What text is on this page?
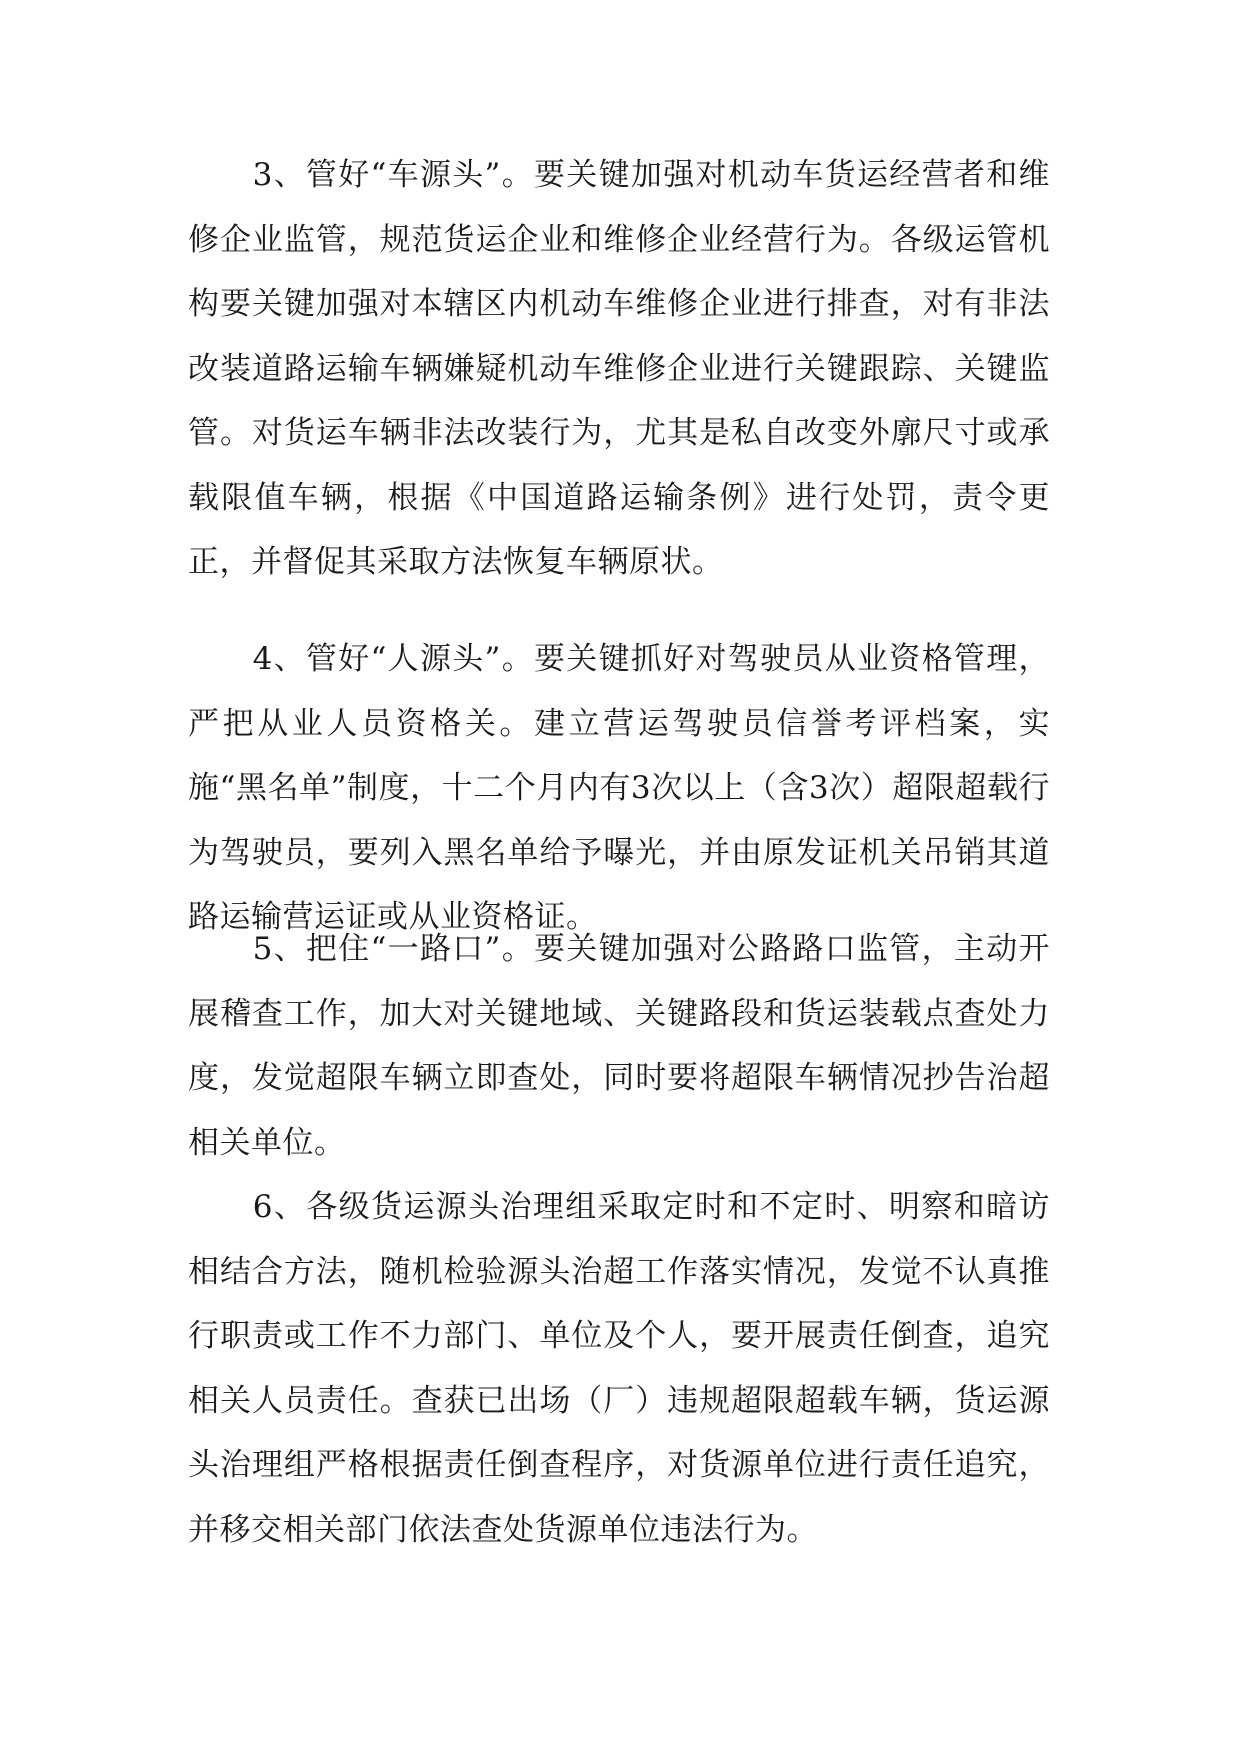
　　3、管好“车源头”。要关键加强对机动车货运经营者和维修企业监管，规范货运企业和维修企业经营行为。各级运管机构要关键加强对本辖区内机动车维修企业进行排查，对有非法改装道路运输车辆嫌疑机动车维修企业进行关键跟踪、关键监管。对货运车辆非法改装行为，尤其是私自改变外廓尺寸或承载限值车辆，根据《中国道路运输条例》进行处罚，责令更正，并督促其采取方法恢复车辆原状。

　　4、管好“人源头”。要关键抓好对驾驶员从业资格管理，严把从业人员资格关。建立营运驾驶员信誉考评档案，实施“黑名单”制度，十二个月内有3次以上（含3次）超限超载行为驾驶员，要列入黑名单给予曝光，并由原发证机关吊销其道路运输营运证或从业资格证。

　　5、把住“一路口”。要关键加强对公路路口监管，主动开展稽查工作，加大对关键地域、关键路段和货运装载点查处力度，发觉超限车辆立即查处，同时要将超限车辆情况抄告治超相关单位。

　　6、各级货运源头治理组采取定时和不定时、明察和暗访相结合方法，随机检验源头治超工作落实情况，发觉不认真推行职责或工作不力部门、单位及个人，要开展责任倒查，追究相关人员责任。查获已出场（厂）违规超限超载车辆，货运源头治理组严格根据责任倒查程序，对货源单位进行责任追究，并移交相关部门依法查处货源单位违法行为。
